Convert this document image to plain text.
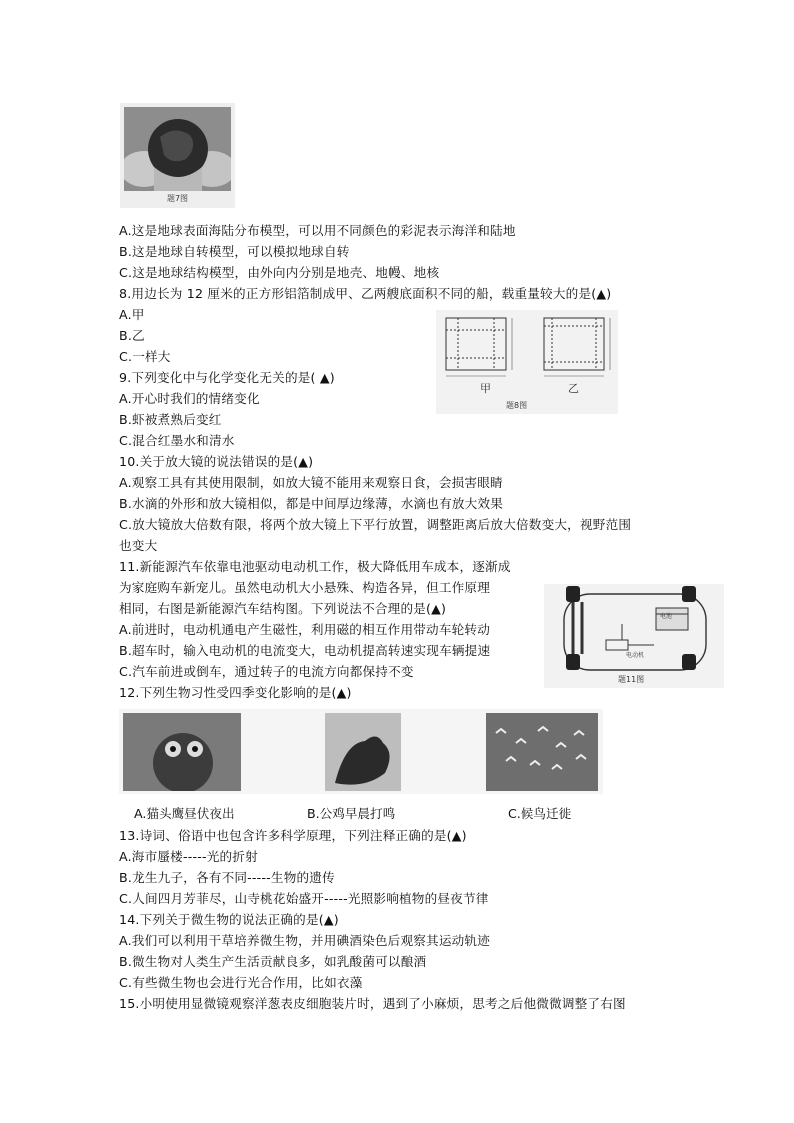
题7图
甲	乙
题8图
电池
电动机
题11图
A.这是地球表面海陆分布模型，可以用不同颜色的彩泥表示海洋和陆地
B.这是地球自转模型，可以模拟地球自转
C.这是地球结构模型，由外向内分别是地壳、地幔、地核
8.用边长为 12 厘米的正方形铝箔制成甲、乙两艘底面积不同的船，载重量较大的是(▲)
A.甲
B.乙
C.一样大
9.下列变化中与化学变化无关的是( ▲)
A.开心时我们的情绪变化
B.虾被煮熟后变红
C.混合红墨水和清水
10.关于放大镜的说法错误的是(▲)
A.观察工具有其使用限制，如放大镜不能用来观察日食，会损害眼睛
B.水滴的外形和放大镜相似，都是中间厚边缘薄，水滴也有放大效果
C.放大镜放大倍数有限，将两个放大镜上下平行放置，调整距离后放大倍数变大，视野范围
也变大
11.新能源汽车依靠电池驱动电动机工作，极大降低用车成本，逐渐成
为家庭购车新宠儿。虽然电动机大小悬殊、构造各异，但工作原理
相同，右图是新能源汽车结构图。下列说法不合理的是(▲)
A.前进时，电动机通电产生磁性，利用磁的相互作用带动车轮转动
B.超车时，输入电动机的电流变大，电动机提高转速实现车辆提速
C.汽车前进或倒车，通过转子的电流方向都保持不变
12.下列生物习性受四季变化影响的是(▲)
13.诗词、俗语中也包含许多科学原理，下列注释正确的是(▲)
A.海市蜃楼-----光的折射
B.龙生九子，各有不同-----生物的遗传
C.人间四月芳菲尽，山寺桃花始盛开-----光照影响植物的昼夜节律
14.下列关于微生物的说法正确的是(▲)
A.我们可以利用干草培养微生物，并用碘酒染色后观察其运动轨迹
B.微生物对人类生产生活贡献良多，如乳酸菌可以酿酒
C.有些微生物也会进行光合作用，比如衣藻
15.小明使用显微镜观察洋葱表皮细胞装片时，遇到了小麻烦，思考之后他微微调整了右图
A.猫头鹰昼伏夜出	B.公鸡早晨打鸣	C.候鸟迁徙
